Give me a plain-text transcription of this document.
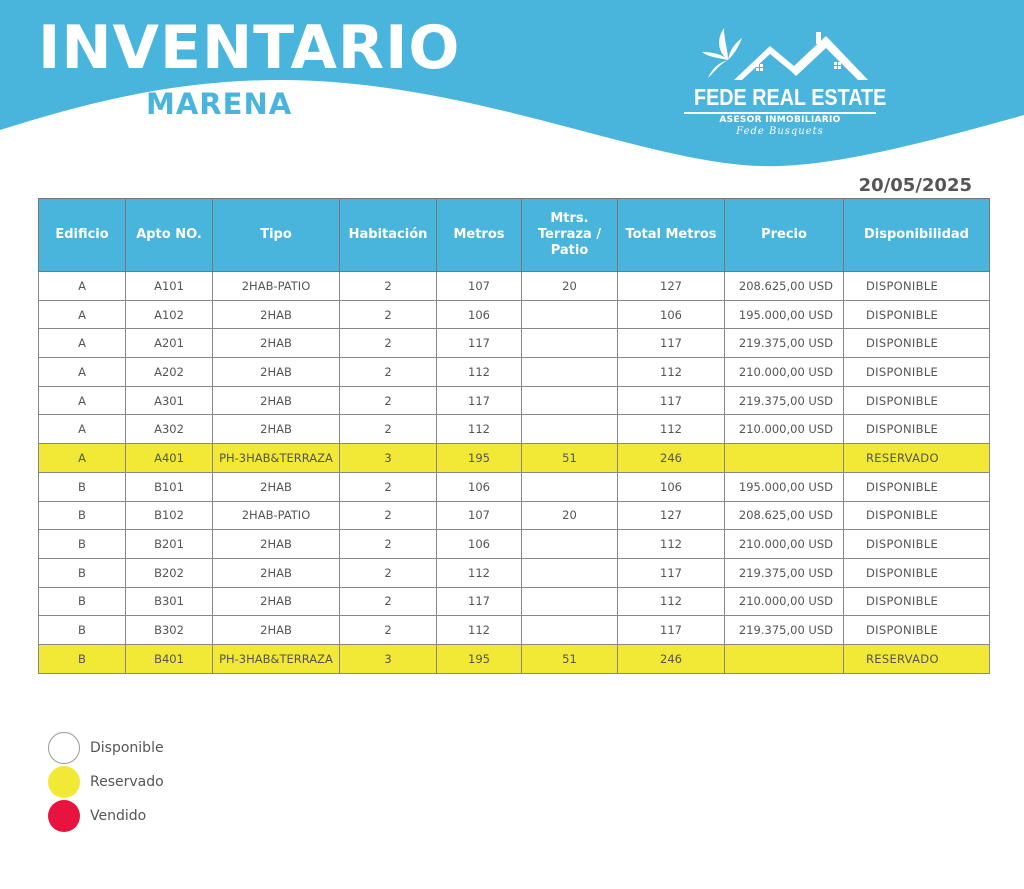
INVENTARIO
MARENA	FEDE REAL ESTATE
ASESOR INMOBILIARIO
Fede Busquets
20/05/2025
Edificio	Apto NO.	Tipo	Habitación	Metros	Mtrs. Terraza / Patio	Total Metros	Precio	Disponibilidad
A	A101	2HAB-PATIO	2	107	20	127	208.625,00 USD	DISPONIBLE
A	A102	2HAB	2	106		106	195.000,00 USD	DISPONIBLE
A	A201	2HAB	2	117		117	219.375,00 USD	DISPONIBLE
A	A202	2HAB	2	112		112	210.000,00 USD	DISPONIBLE
A	A301	2HAB	2	117		117	219.375,00 USD	DISPONIBLE
A	A302	2HAB	2	112		112	210.000,00 USD	DISPONIBLE
A	A401	PH-3HAB&TERRAZA	3	195	51	246		RESERVADO
B	B101	2HAB	2	106		106	195.000,00 USD	DISPONIBLE
B	B102	2HAB-PATIO	2	107	20	127	208.625,00 USD	DISPONIBLE
B	B201	2HAB	2	106		112	210.000,00 USD	DISPONIBLE
B	B202	2HAB	2	112		117	219.375,00 USD	DISPONIBLE
B	B301	2HAB	2	117		112	210.000,00 USD	DISPONIBLE
B	B302	2HAB	2	112		117	219.375,00 USD	DISPONIBLE
B	B401	PH-3HAB&TERRAZA	3	195	51	246		RESERVADO
Disponible
Reservado
Vendido
